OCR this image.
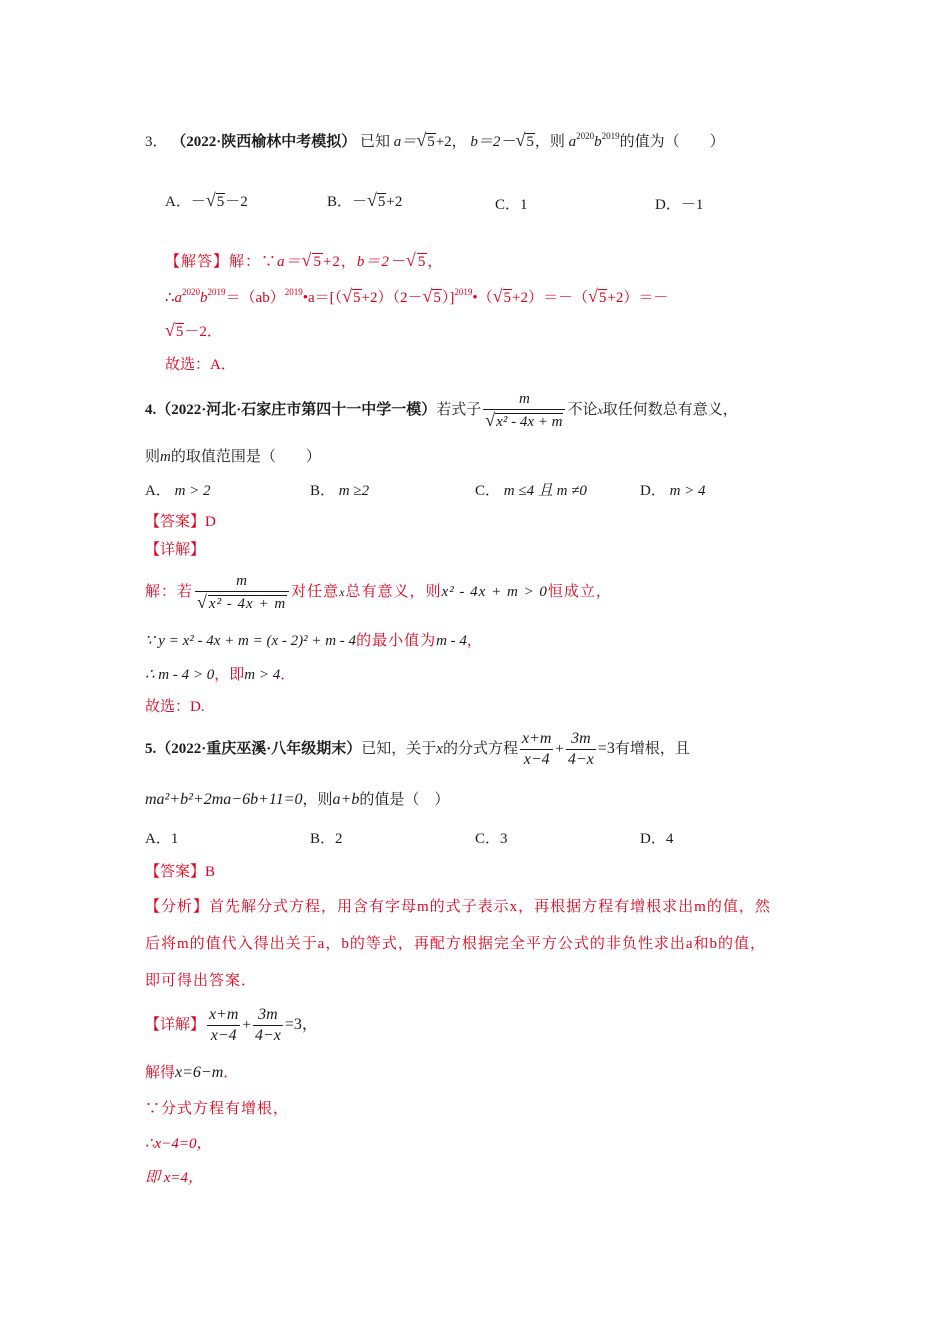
3． （2022·陕西榆林中考模拟） 已知 a＝√5+2， b＝2－√5，则 $a^{2020}b^{2019}$的值为（　　）
A．－√5－2	B．－√5+2	C．1	D．－1
【解答】解：∵a＝√5+2，b＝2－√5，
$\therefore a^{2020}b^{2019}=(ab)^{2019}•a=[(√5+2)(2-√5)]^{2019}•(√5+2)=-(√5+2)=-$
√5－2．
故选：A．
4.（2022·河北·石家庄市第四十一中学一模）若式子 $\frac{m}{\text{√x² - 4x + m}}$ 不论x取任何数总有意义，
则m的取值范围是（　　）
A． m > 2	B． m ≥2	C． m ≤4 且 m ≠0	D． m > 4
【答案】D
【详解】
解：若 $\frac{m}{\text{√x² - 4x + m}}$ 对任意x总有意义，则x² - 4x + m > 0恒成立，
∵ y = x² - 4x + m = (x - 2)² + m - 4的最小值为m - 4，
∴ m - 4 > 0，即m > 4．
故选：D.
5.（2022·重庆巫溪·八年级期末）已知，关于x的分式方程 $\frac{x+m}{x-4} + \frac{3m}{4-x} =3$有增根，且
ma²+b²+2ma−6b+11=0，则a+b的值是（　）
A．1	B．2	C．3	D．4
【答案】B
【分析】首先解分式方程，用含有字母m的式子表示x，再根据方程有增根求出m的值，然
后将m的值代入得出关于a，b的等式，再配方根据完全平方公式的非负性求出a和b的值，
即可得出答案．
【详解】 $\frac{x+m}{x-4} + \frac{3m}{4-x} =3$，
解得x=6−m．
∵分式方程有增根，
∴x−4=0，
即 x=4，
